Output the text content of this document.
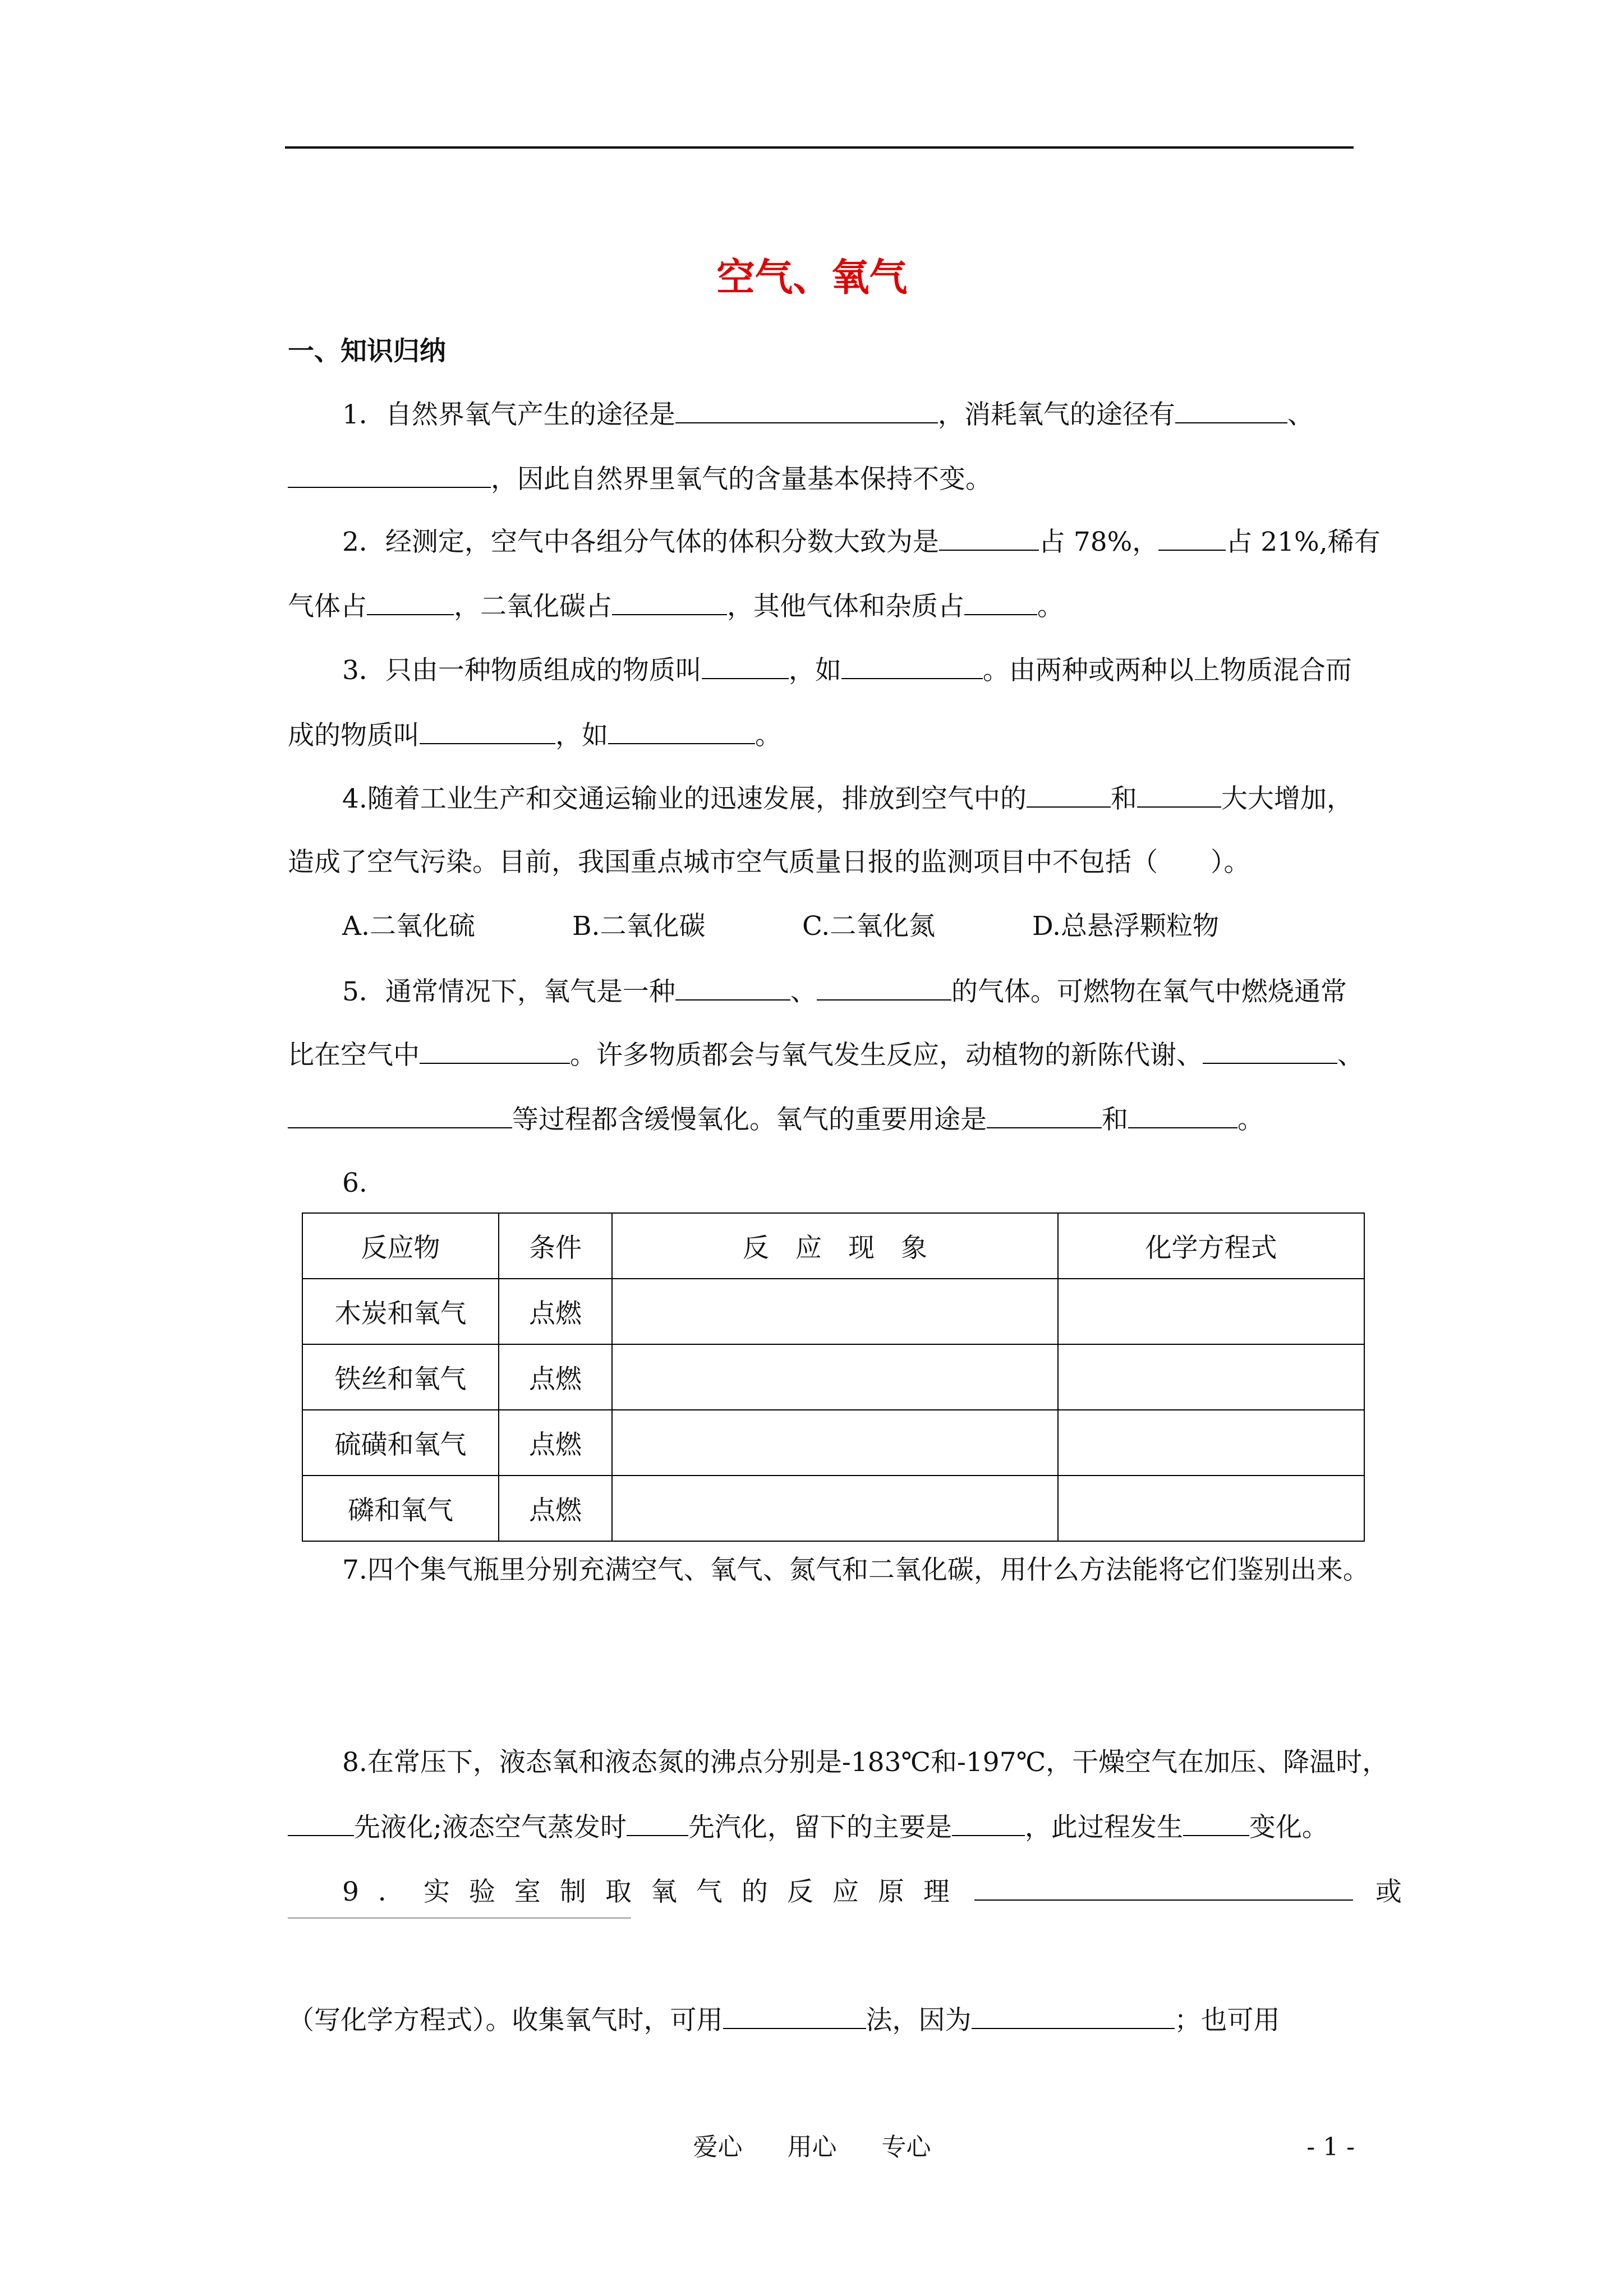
空气、氧气
一、知识归纳
1．自然界氧气产生的途径是	，消耗氧气的途径有	、
，因此自然界里氧气的含量基本保持不变。
2．经测定，空气中各组分气体的体积分数大致为是	占 78%，	占 21%,稀有
气体占	，二氧化碳占	，其他气体和杂质占	。
3．只由一种物质组成的物质叫	，如	。由两种或两种以上物质混合而
成的物质叫	，如	。
4.随着工业生产和交通运输业的迅速发展，排放到空气中的	和	大大增加，
造成了空气污染。目前，我国重点城市空气质量日报的监测项目中不包括（　　）。
A.二氧化硫	B.二氧化碳	C.二氧化氮	D.总悬浮颗粒物
5．通常情况下，氧气是一种	、	的气体。可燃物在氧气中燃烧通常
比在空气中	。许多物质都会与氧气发生反应，动植物的新陈代谢、	、
等过程都含缓慢氧化。氧气的重要用途是	和	。
6.
反应物	条件	反　应　现　象	化学方程式
木炭和氧气	点燃		
铁丝和氧气	点燃		
硫磺和氧气	点燃		
磷和氧气	点燃		
7.四个集气瓶里分别充满空气、氧气、氮气和二氧化碳，用什么方法能将它们鉴别出来。
8.在常压下，液态氧和液态氮的沸点分别是-183℃和-197℃，干燥空气在加压、降温时，
先液化;液态空气蒸发时 先汽化，留下的主要是	，此过程发生	变化。
9．实验室制取氧气的反应原理	或
（写化学方程式）。收集氧气时，可用	法，因为	；也可用
爱心 用心 专心	- 1 -
